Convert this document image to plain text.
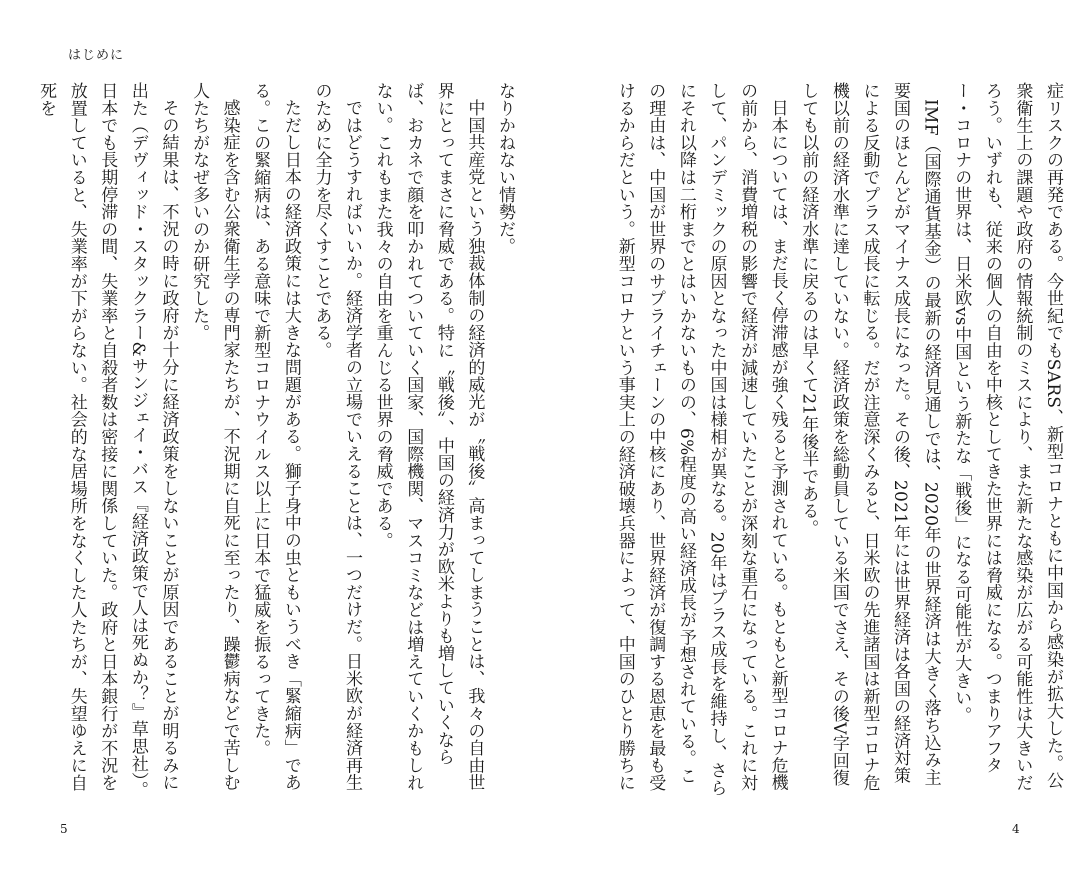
はじめに

症リスクの再発である。今世紀でもSARS、新型コロナともに中国から感染が拡大した。公衆衛生上の課題や政府の情報統制のミスにより、また新たな感染が広がる可能性は大きいだろう。いずれも、従来の個人の自由を中核としてきた世界には脅威になる。つまりアフター・コロナの世界は、日米欧vs中国という新たな「戦後」になる可能性が大きい。

IMF（国際通貨基金）の最新の経済見通しでは、2020年の世界経済は大きく落ち込み主要国のほとんどがマイナス成長になった。その後、2021年には世界経済は各国の経済対策による反動でプラス成長に転じる。だが注意深くみると、日米欧の先進諸国は新型コロナ危機以前の経済水準に達していない。経済政策を総動員している米国でさえ、その後V字回復しても以前の経済水準に戻るのは早くて21年後半である。

日本については、まだ長く停滞感が強く残ると予測されている。もともと新型コロナ危機の前から、消費増税の影響で経済が減速していたことが深刻な重石になっている。これに対して、パンデミックの原因となった中国は様相が異なる。20年はプラス成長を維持し、さらにそれ以降は二桁までとはいかないものの、6%程度の高い経済成長が予想されている。この理由は、中国が世界のサプライチェーンの中核にあり、世界経済が復調する恩恵を最も受けるからだという。新型コロナという事実上の経済破壊兵器によって、中国のひとり勝ちに

なりかねない情勢だ。

中国共産党という独裁体制の経済的威光が〝戦後〟高まってしまうことは、我々の自由世界にとってまさに脅威である。特に〝戦後〟、中国の経済力が欧米よりも増していくならば、おカネで顔を叩かれてついていく国家、国際機関、マスコミなどは増えていくかもしれない。これもまた我々の自由を重んじる世界の脅威である。

ではどうすればいいか。経済学者の立場でいえることは、一つだけだ。日米欧が経済再生のために全力を尽くすことである。

ただし日本の経済政策には大きな問題がある。獅子身中の虫ともいうべき「緊縮病」である。この緊縮病は、ある意味で新型コロナウイルス以上に日本で猛威を振るってきた。

感染症を含む公衆衛生学の専門家たちが、不況期に自死に至ったり、躁鬱病などで苦しむ人たちがなぜ多いのか研究した。

その結果は、不況の時に政府が十分に経済政策をしないことが原因であることが明るみに出た（デヴィッド・スタックラー&サンジェイ・バス『経済政策で人は死ぬか？』草思社）。日本でも長期停滞の間、失業率と自殺者数は密接に関係していた。政府と日本銀行が不況を放置していると、失業率が下がらない。社会的な居場所をなくした人たちが、失望ゆえに自死を

5	4
